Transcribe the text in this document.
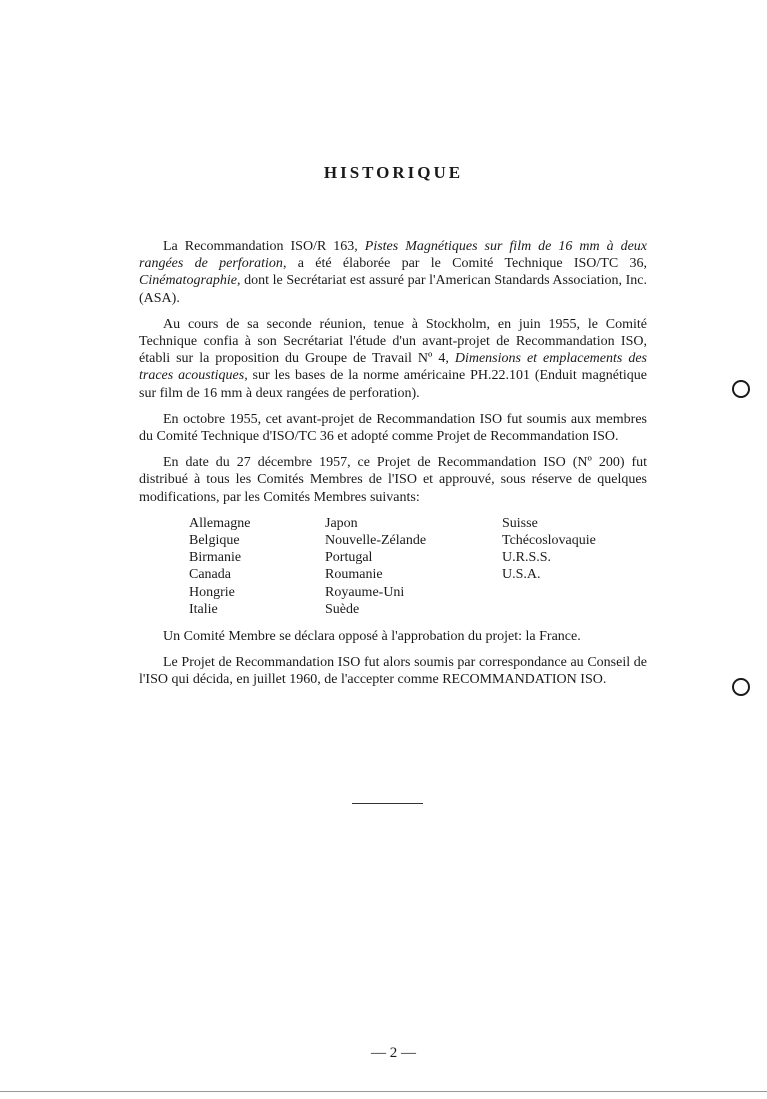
HISTORIQUE

La Recommandation ISO/R 163, Pistes Magnétiques sur film de 16 mm à deux rangées de perforation, a été élaborée par le Comité Technique ISO/TC 36, Cinématographie, dont le Secrétariat est assuré par l'American Standards Association, Inc. (ASA).

Au cours de sa seconde réunion, tenue à Stockholm, en juin 1955, le Comité Technique confia à son Secrétariat l'étude d'un avant-projet de Recommandation ISO, établi sur la proposition du Groupe de Travail Nº 4, Dimensions et emplacements des traces acoustiques, sur les bases de la norme américaine PH.22.101 (Enduit magnétique sur film de 16 mm à deux rangées de perforation).

En octobre 1955, cet avant-projet de Recommandation ISO fut soumis aux membres du Comité Technique d'ISO/TC 36 et adopté comme Projet de Recommandation ISO.

En date du 27 décembre 1957, ce Projet de Recommandation ISO (Nº 200) fut distribué à tous les Comités Membres de l'ISO et approuvé, sous réserve de quelques modifications, par les Comités Membres suivants:

Allemagne
Belgique
Birmanie
Canada
Hongrie
Italie
Japon
Nouvelle-Zélande
Portugal
Roumanie
Royaume-Uni
Suède
Suisse
Tchécoslovaquie
U.R.S.S.
U.S.A.

Un Comité Membre se déclara opposé à l'approbation du projet: la France.

Le Projet de Recommandation ISO fut alors soumis par correspondance au Conseil de l'ISO qui décida, en juillet 1960, de l'accepter comme RECOMMANDATION ISO.

— 2 —
